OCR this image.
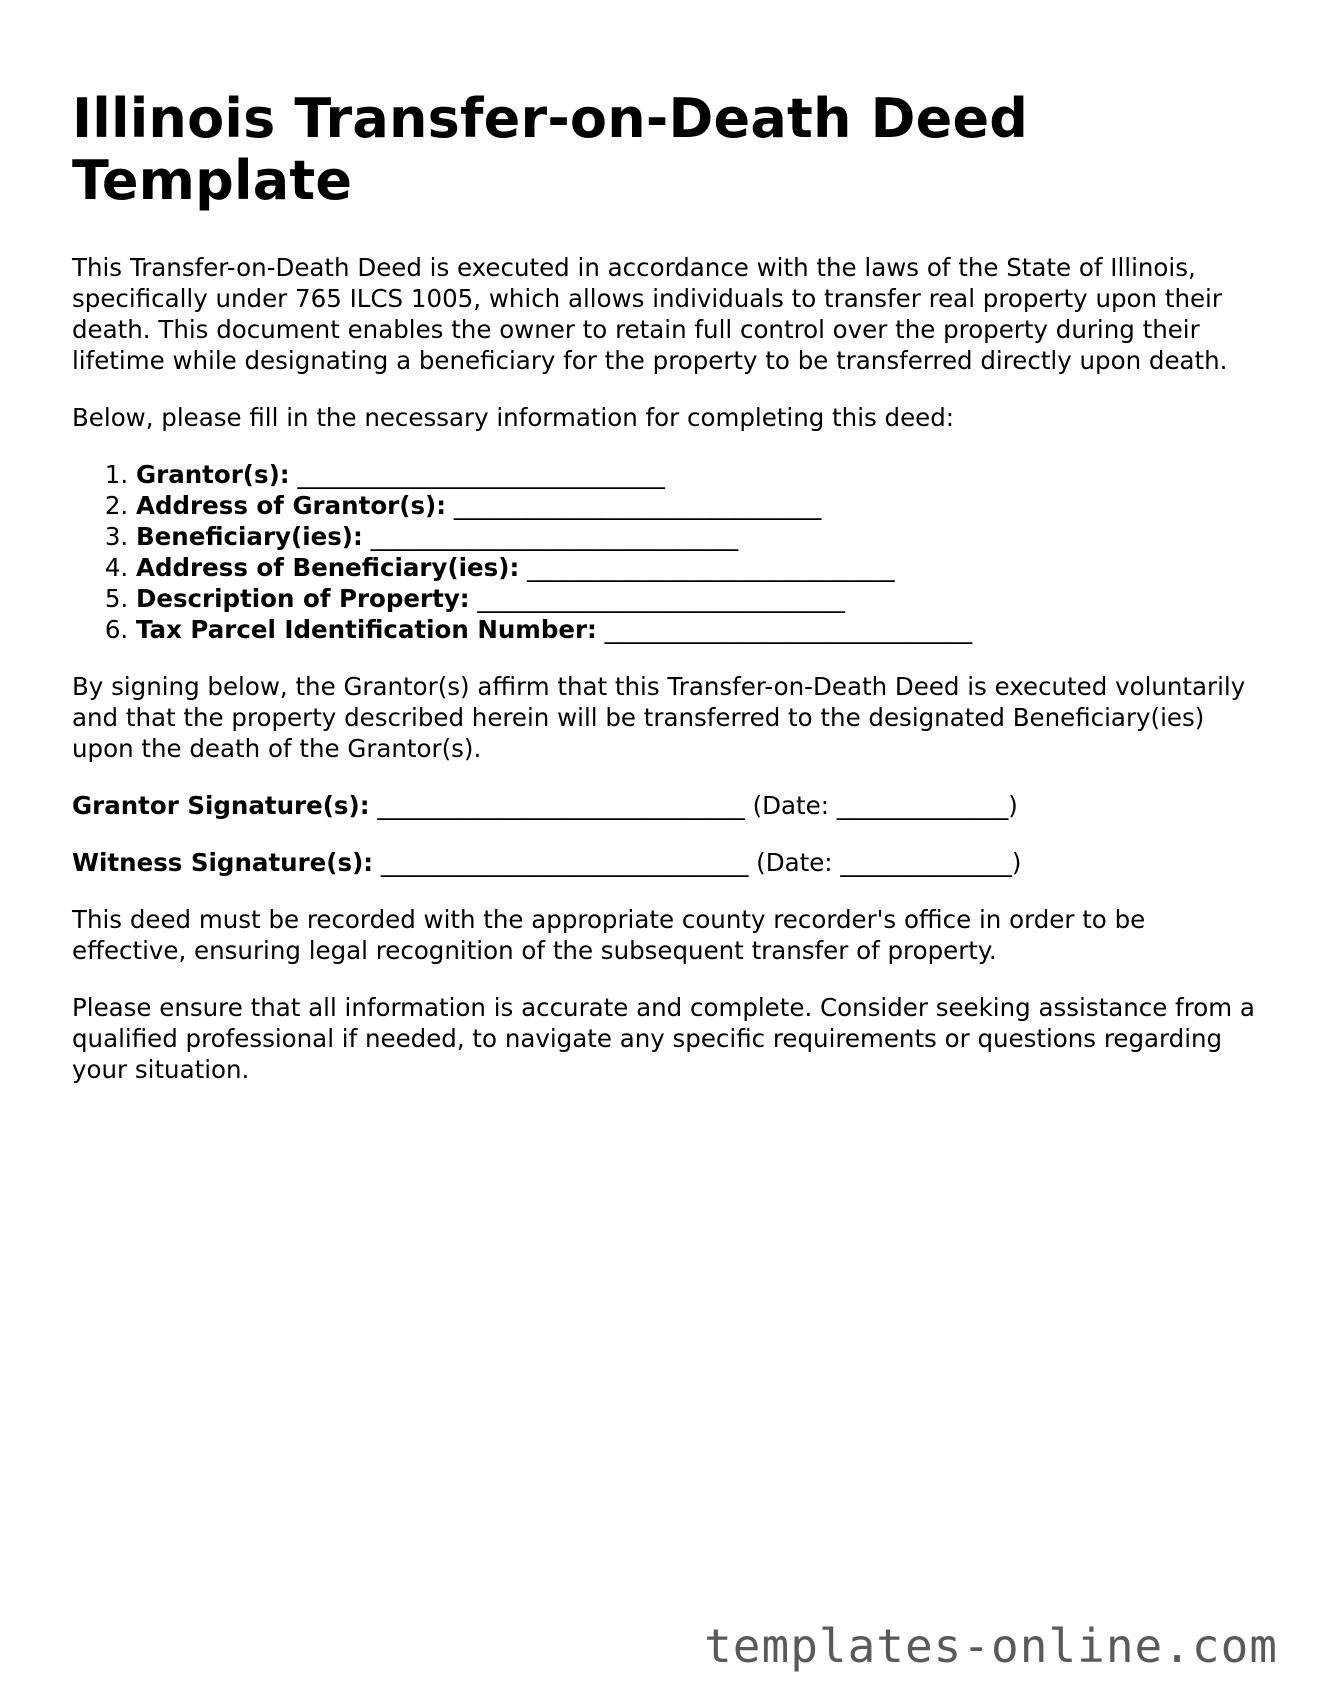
Illinois Transfer-on-Death Deed Template

This Transfer-on-Death Deed is executed in accordance with the laws of the State of Illinois, specifically under 765 ILCS 1005, which allows individuals to transfer real property upon their death. This document enables the owner to retain full control over the property during their lifetime while designating a beneficiary for the property to be transferred directly upon death.

Below, please fill in the necessary information for completing this deed:

1. Grantor(s): ______________________________
2. Address of Grantor(s): ______________________________
3. Beneficiary(ies): ______________________________
4. Address of Beneficiary(ies): ______________________________
5. Description of Property: ______________________________
6. Tax Parcel Identification Number: ______________________________

By signing below, the Grantor(s) affirm that this Transfer-on-Death Deed is executed voluntarily and that the property described herein will be transferred to the designated Beneficiary(ies) upon the death of the Grantor(s).

Grantor Signature(s): ______________________________ (Date: ______________)
Witness Signature(s): ______________________________ (Date: ______________)

This deed must be recorded with the appropriate county recorder's office in order to be effective, ensuring legal recognition of the subsequent transfer of property.

Please ensure that all information is accurate and complete. Consider seeking assistance from a qualified professional if needed, to navigate any specific requirements or questions regarding your situation.

templates-online.com
